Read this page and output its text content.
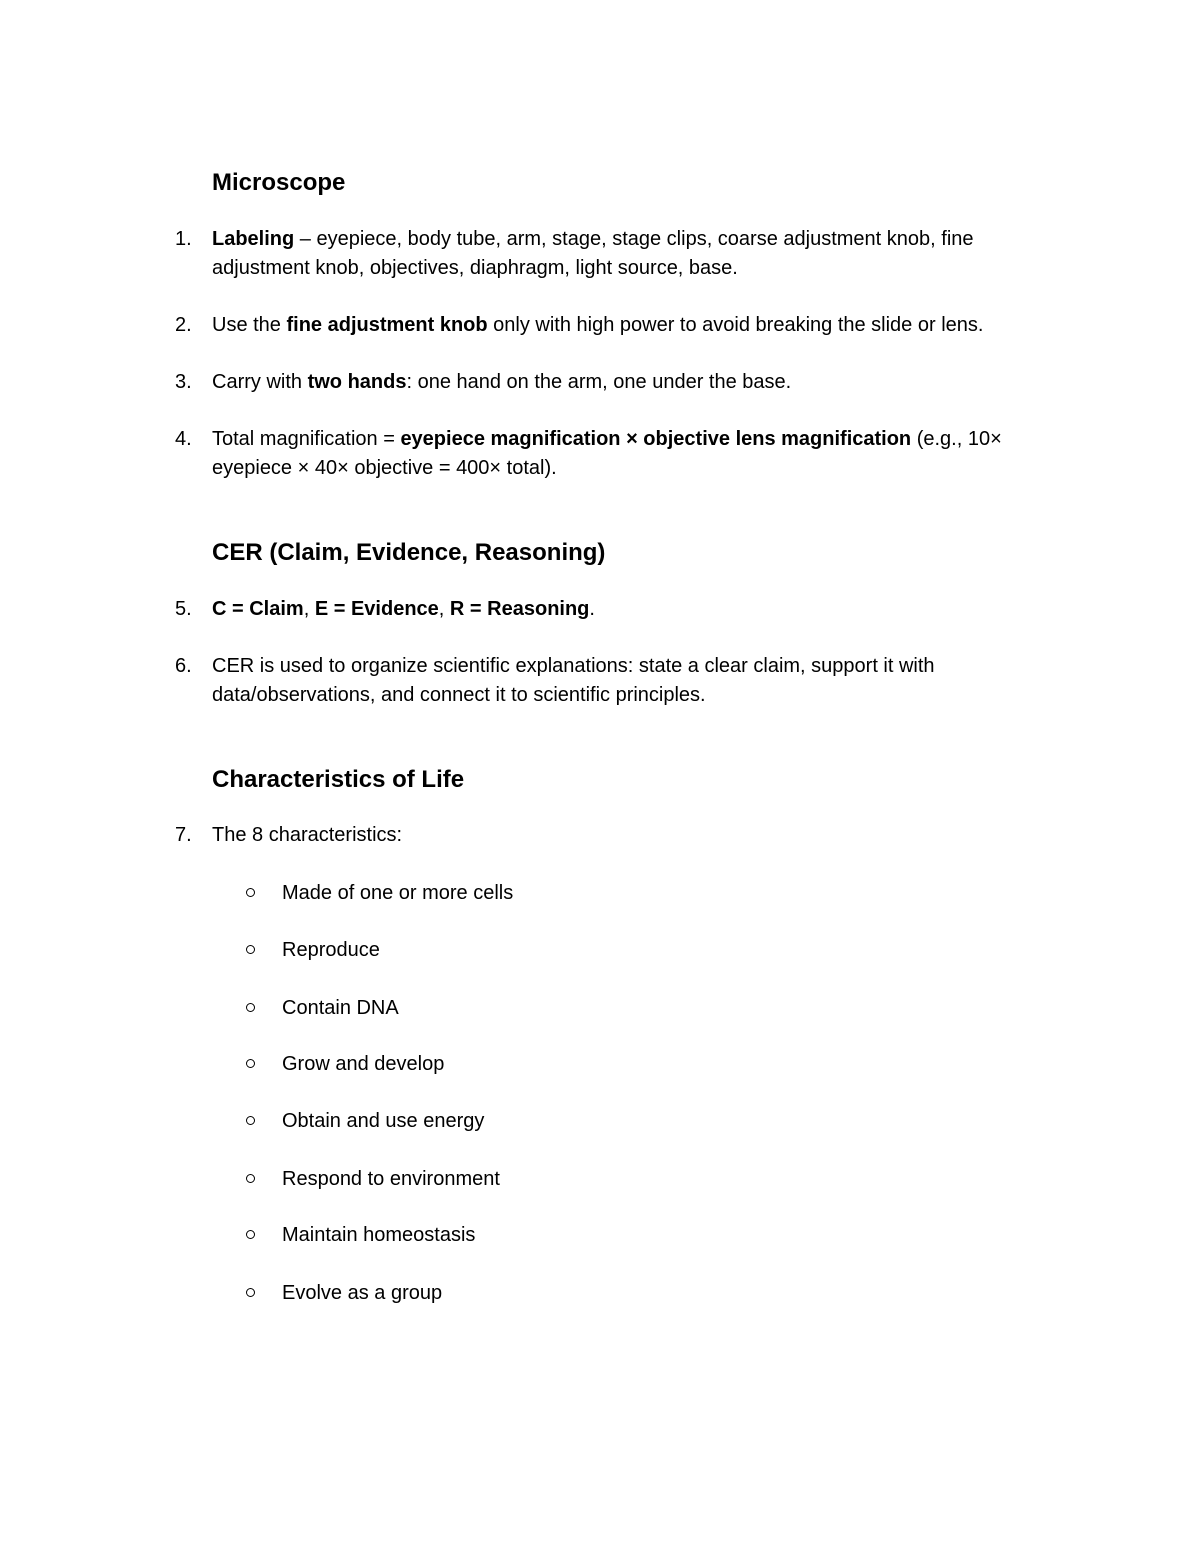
Microscope
1.	Labeling – eyepiece, body tube, arm, stage, stage clips, coarse adjustment knob, fine adjustment knob, objectives, diaphragm, light source, base.
2.	Use the fine adjustment knob only with high power to avoid breaking the slide or lens.
3.	Carry with two hands: one hand on the arm, one under the base.
4.	Total magnification = eyepiece magnification × objective lens magnification (e.g., 10× eyepiece × 40× objective = 400× total).
CER (Claim, Evidence, Reasoning)
5.	C = Claim, E = Evidence, R = Reasoning.
6.	CER is used to organize scientific explanations: state a clear claim, support it with data/observations, and connect it to scientific principles.
Characteristics of Life
7.	The 8 characteristics:
Made of one or more cells
Reproduce
Contain DNA
Grow and develop
Obtain and use energy
Respond to environment
Maintain homeostasis
Evolve as a group
